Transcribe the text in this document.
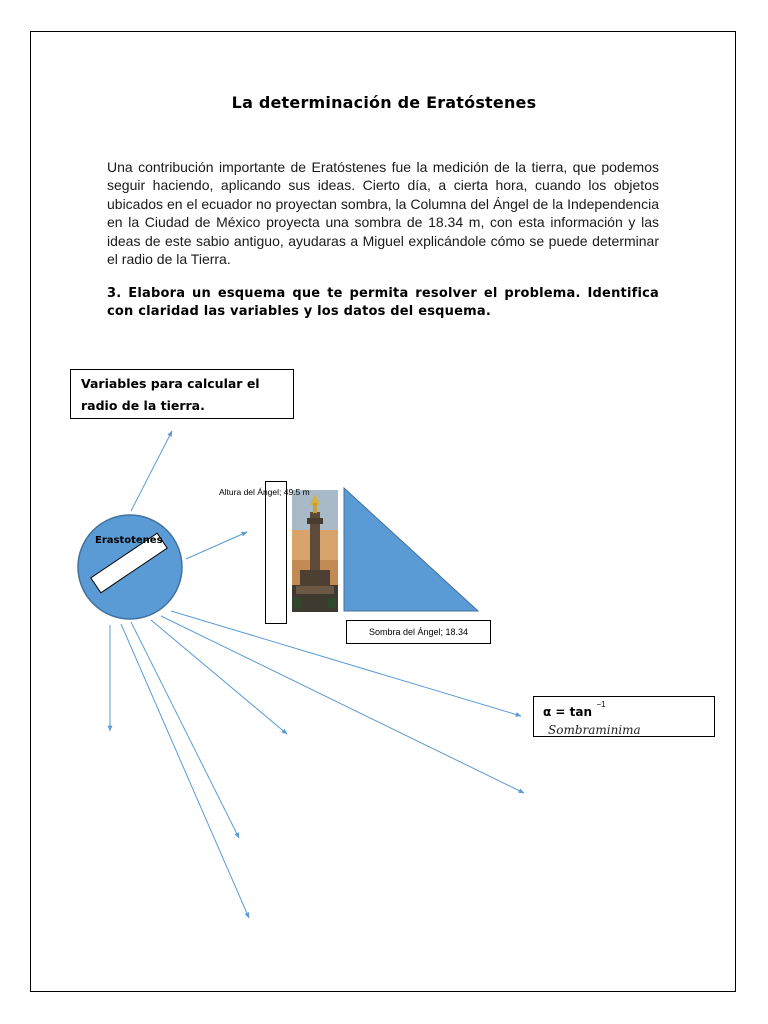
La determinación de Eratóstenes
Una contribución importante de Eratóstenes fue la medición de la tierra, que podemos seguir haciendo, aplicando sus ideas. Cierto día, a cierta hora, cuando los objetos ubicados en el ecuador no proyectan sombra, la Columna del Ángel de la Independencia en la Ciudad de México proyecta una sombra de 18.34 m, con esta información y las ideas de este sabio antiguo, ayudaras a Miguel explicándole cómo se puede determinar el radio de la Tierra.
3. Elabora un esquema que te permita resolver el problema. Identifica con claridad las variables y los datos del esquema.
Altura del Ángel; 49.5 m
Erastotenes
Variables para calcular el radio de la tierra.
Sombra del Ángel; 18.34
α = tan $^{-1}$
Sombraminima
